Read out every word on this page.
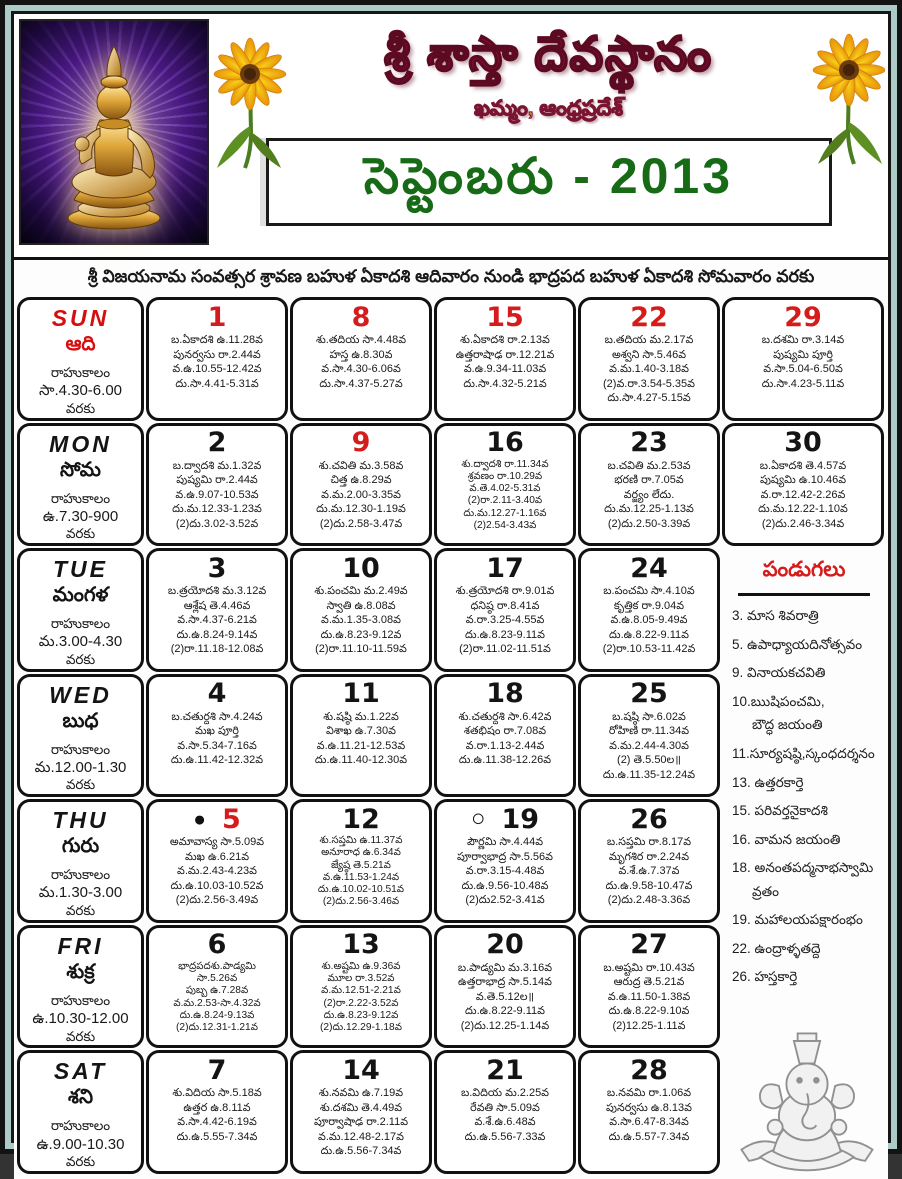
శ్రీ శాస్తా దేవస్థానం
ఖమ్మం, ఆంధ్రప్రదేశ్
సెప్టెంబరు - 2013
శ్రీ విజయనామ సంవత్సర శ్రావణ బహుళ ఏకాదశి ఆదివారం నుండి భాద్రపద బహుళ ఏకాదశి సోమవారం వరకు
SUN
ఆది
రాహుకాలం
సా.4.30-6.00
వరకు
1
బ.ఏకాదశి ఉ.11.28వ
పునర్వసు రా.2.44వ
వ.ఉ.10.55-12.42వ
దు.సా.4.41-5.31వ
8
శు.తదియ సా.4.48వ
హస్త ఉ.8.30వ
వ.సా.4.30-6.06వ
దు.సా.4.37-5.27వ
15
శు.ఏకాదశి రా.2.13వ
ఉత్తరాషాఢ రా.12.21వ
వ.ఉ.9.34-11.03వ
దు.సా.4.32-5.21వ
22
బ.తదియ మ.2.17వ
అశ్వని సా.5.46వ
వ.మ.1.40-3.18వ
(2)వ.రా.3.54-5.35వ
దు.సా.4.27-5.15వ
29
బ.దశమి రా.3.14వ
పుష్యమి పూర్తి
వ.సా.5.04-6.50వ
దు.సా.4.23-5.11వ
MON
సోమ
రాహుకాలం
ఉ.7.30-900
వరకు
2
బ.ద్వాదశి మ.1.32వ
పుష్యమి రా.2.44వ
వ.ఉ.9.07-10.53వ
దు.మ.12.33-1.23వ
(2)దు.3.02-3.52వ
9
శు.చవితి మ.3.58వ
చిత్త ఉ.8.29వ
వ.మ.2.00-3.35వ
దు.మ.12.30-1.19వ
(2)దు.2.58-3.47వ
16
శు.ద్వాదశి రా.11.34వ
శ్రవణం రా.10.29వ
వ.తె.4.02-5.31వ
(2)రా.2.11-3.40వ
దు.మ.12.27-1.16వ
(2)2.54-3.43వ
23
బ.చవితి మ.2.53వ
భరణి రా.7.05వ
వర్జ్యం లేదు.
దు.మ.12.25-1.13వ
(2)దు.2.50-3.39వ
30
బ.ఏకాదశి తె.4.57వ
పుష్యమి ఉ.10.46వ
వ.రా.12.42-2.26వ
దు.మ.12.22-1.10వ
(2)దు.2.46-3.34వ
TUE
మంగళ
రాహుకాలం
మ.3.00-4.30
వరకు
3
బ.త్రయోదశి మ.3.12వ
ఆశ్లేష తె.4.46వ
వ.సా.4.37-6.21వ
దు.ఉ.8.24-9.14వ
(2)రా.11.18-12.08వ
10
శు.పంచమి మ.2.49వ
స్వాతి ఉ.8.08వ
వ.మ.1.35-3.08వ
దు.ఉ.8.23-9.12వ
(2)రా.11.10-11.59వ
17
శు.త్రయోదశి రా.9.01వ
ధనిష్ఠ రా.8.41వ
వ.రా.3.25-4.55వ
దు.ఉ.8.23-9.11వ
(2)రా.11.02-11.51వ
24
బ.పంచమి సా.4.10వ
కృత్తిక రా.9.04వ
వ.ఉ.8.05-9.49వ
దు.ఉ.8.22-9.11వ
(2)రా.10.53-11.42వ
WED
బుధ
రాహుకాలం
మ.12.00-1.30
వరకు
4
బ.చతుర్దశి సా.4.24వ
మఖ పూర్తి
వ.సా.5.34-7.16వ
దు.ఉ.11.42-12.32వ
11
శు.షష్ఠి మ.1.22వ
విశాఖ ఉ.7.30వ
వ.ఉ.11.21-12.53వ
దు.ఉ.11.40-12.30వ
18
శు.చతుర్దశి సా.6.42వ
శతభిషం రా.7.08వ
వ.రా.1.13-2.44వ
దు.ఉ.11.38-12.26వ
25
బ.షష్ఠి సా.6.02వ
రోహిణి రా.11.34వ
వ.మ.2.44-4.30వ
(2) తె.5.50ల॥
దు.ఉ.11.35-12.24వ
THU
గురు
రాహుకాలం
మ.1.30-3.00
వరకు
● 5
అమావాస్య సా.5.09వ
మఖ ఉ.6.21వ
వ.మ.2.43-4.23వ
దు.ఉ.10.03-10.52వ
(2)దు.2.56-3.49వ
12
శు.సప్తమి ఉ.11.37వ
అనూరాధ ఉ.6.34వ
జ్యేష్ఠ తె.5.21వ
వ.ఉ.11.53-1.24వ
దు.ఉ.10.02-10.51వ
(2)దు.2.56-3.46వ
○ 19
పౌర్ణమి సా.4.44వ
పూర్వాభాద్ర సా.5.56వ
వ.రా.3.15-4.48వ
దు.ఉ.9.56-10.48వ
(2)దు2.52-3.41వ
26
బ.సప్తమి రా.8.17వ
మృగశిర రా.2.24వ
వ.శే.ఉ.7.37వ
దు.ఉ.9.58-10.47వ
(2)దు.2.48-3.36వ
FRI
శుక్ర
రాహుకాలం
ఉ.10.30-12.00
వరకు
6
భాద్రపదశు.పాడ్యమి
సా.5.26వ
పుబ్బ ఉ.7.28వ
వ.మ.2.53-సా.4.32వ
దు.ఉ.8.24-9.13వ
(2)దు.12.31-1.21వ
13
శు.అష్టమి ఉ.9.36వ
మూల రా.3.52వ
వ.మ.12.51-2.21వ
(2)రా.2.22-3.52వ
దు.ఉ.8.23-9.12వ
(2)దు.12.29-1.18వ
20
బ.పాడ్యమి మ.3.16వ
ఉత్తరాభాద్ర సా.5.14వ
వ.తె.5.12ల॥
దు.ఉ.8.22-9.11వ
(2)దు.12.25-1.14వ
27
బ.అష్టమి రా.10.43వ
ఆరుద్ర తె.5.21వ
వ.ఉ.11.50-1.38వ
దు.ఉ.8.22-9.10వ
(2)12.25-1.11వ
SAT
శని
రాహుకాలం
ఉ.9.00-10.30
వరకు
7
శు.విదియ సా.5.18వ
ఉత్తర ఉ.8.11వ
వ.సా.4.42-6.19వ
దు.ఉ.5.55-7.34వ
14
శు.నవమి ఉ.7.19వ
శు.దశమి తె.4.49వ
పూర్వాషాఢ రా.2.11వ
వ.మ.12.48-2.17వ
దు.ఉ.5.56-7.34వ
21
బ.విదియ మ.2.25వ
రేవతి సా.5.09వ
వ.శే.ఉ.6.48వ
దు.ఉ.5.56-7.33వ
28
బ.నవమి రా.1.06వ
పునర్వసు ఉ.8.13వ
వ.సా.6.47-8.34వ
దు.ఉ.5.57-7.34వ
పండుగలు
3. మాస శివరాత్రి
5. ఉపాధ్యాయదినోత్సవం
9. వినాయకచవితి
10.ఋషిపంచమి,
బౌద్ధ జయంతి
11.సూర్యషష్ఠి,స్కంధదర్శనం
13. ఉత్తరకార్తె
15. పరివర్తనైకాదశి
16. వామన జయంతి
18. అనంతపద్మనాభస్వామి
వ్రతం
19. మహాలయపక్షారంభం
22. ఉంద్రాళ్ళతద్దె
26. హస్తకార్తె
